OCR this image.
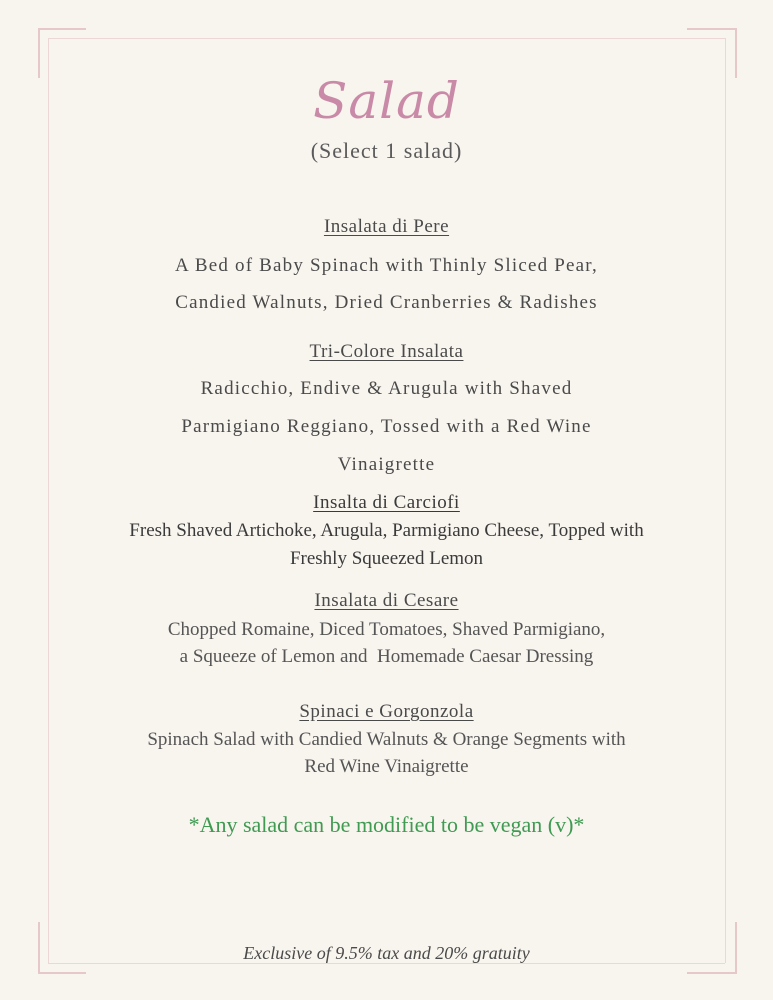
Salad
(Select 1 salad)
Insalata di Pere
A Bed of Baby Spinach with Thinly Sliced Pear,
Candied Walnuts, Dried Cranberries & Radishes
Tri-Colore Insalata
Radicchio, Endive & Arugula with Shaved
Parmigiano Reggiano, Tossed with a Red Wine
Vinaigrette
Insalta di Carciofi
Fresh Shaved Artichoke, Arugula, Parmigiano Cheese, Topped with
Freshly Squeezed Lemon
Insalata di Cesare
Chopped Romaine, Diced Tomatoes, Shaved Parmigiano,
a Squeeze of Lemon and  Homemade Caesar Dressing
Spinaci e Gorgonzola
Spinach Salad with Candied Walnuts & Orange Segments with
Red Wine Vinaigrette
*Any salad can be modified to be vegan (v)*
Exclusive of 9.5% tax and 20% gratuity
